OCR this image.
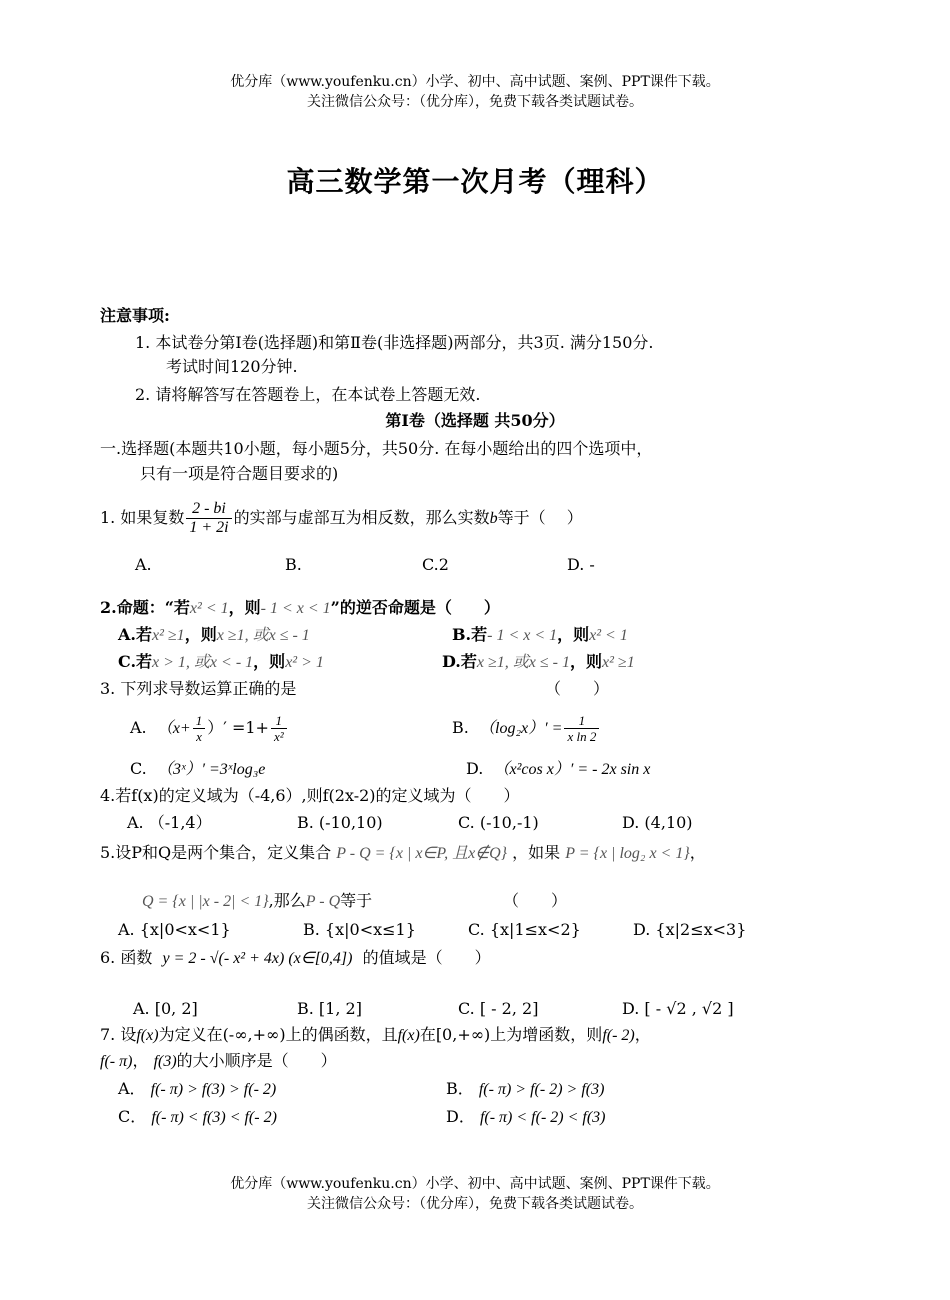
优分库（www.youfenku.cn）小学、初中、高中试题、案例、PPT课件下载。
关注微信公众号：（优分库），免费下载各类试题试卷。
高三数学第一次月考（理科）
注意事项:
1. 本试卷分第Ⅰ卷(选择题)和第Ⅱ卷(非选择题)两部分，共3页. 满分150分.
考试时间120分钟.
2. 请将解答写在答题卷上，在本试卷上答题无效.
第Ⅰ卷（选择题 共50分）
一.选择题(本题共10小题，每小题5分，共50分. 在每小题给出的四个选项中，
只有一项是符合题目要求的)
1. 如果复数 $\frac{2 - bi}{1 + 2i}$ 的实部与虚部互为相反数，那么实数b等于（　 ）
A.	B.	C.2	D. -
2.命题：“若x² < 1，则- 1 < x < 1”的逆否命题是（　　）
A.若x² ≥1，则x ≥1, 或x ≤ - 1	B.若- 1 < x < 1，则x² < 1
C.若x > 1, 或x < - 1，则x² > 1	D.若x ≥1, 或x ≤ - 1，则x² ≥1
3. 下列求导数运算正确的是	（　　）
A. （$x+ \frac{1}{x}$ ）′ $=1+ \frac{1}{\text{x²}}$	B. $(\log_2x)' = \frac{1}{\text{x ln 2}}$
C. （3ˣ）′ =3ˣlog₃e	D. （x²cos x）′ = - 2x sin x
4.若f(x)的定义域为（-4,6）,则f(2x-2)的定义域为（　　）
A. （-1,4）	B. (-10,10)	C. (-10,-1)	D. (4,10)
5.设P和Q是两个集合，定义集合 P - Q = {x | x∈P, 且x∉Q} ，如果 P = {x | log₂ x < 1}，
Q = {x | |x - 2| < 1},那么P - Q等于	（　　）
A. {x|0<x<1}	B. {x|0<x≤1}	C. {x|1≤x<2}	D. {x|2≤x<3}
6. 函数 y = 2 - √(- x² + 4x) (x∈[0,4]) 的值域是（　　）
A. [0, 2]	B. [1, 2]	C. [ - 2, 2]	D. [ - √2 , √2 ]
7. 设f(x)为定义在(-∞,+∞)上的偶函数，且f(x)在[0,+∞)上为增函数，则f(- 2)，
f(- π)， f(3)的大小顺序是（　　）
A． f(- π) > f(3) > f(- 2)	B． f(- π) > f(- 2) > f(3)
C． f(- π) < f(3) < f(- 2)	D． f(- π) < f(- 2) < f(3)
优分库（www.youfenku.cn）小学、初中、高中试题、案例、PPT课件下载。
关注微信公众号：（优分库），免费下载各类试题试卷。
